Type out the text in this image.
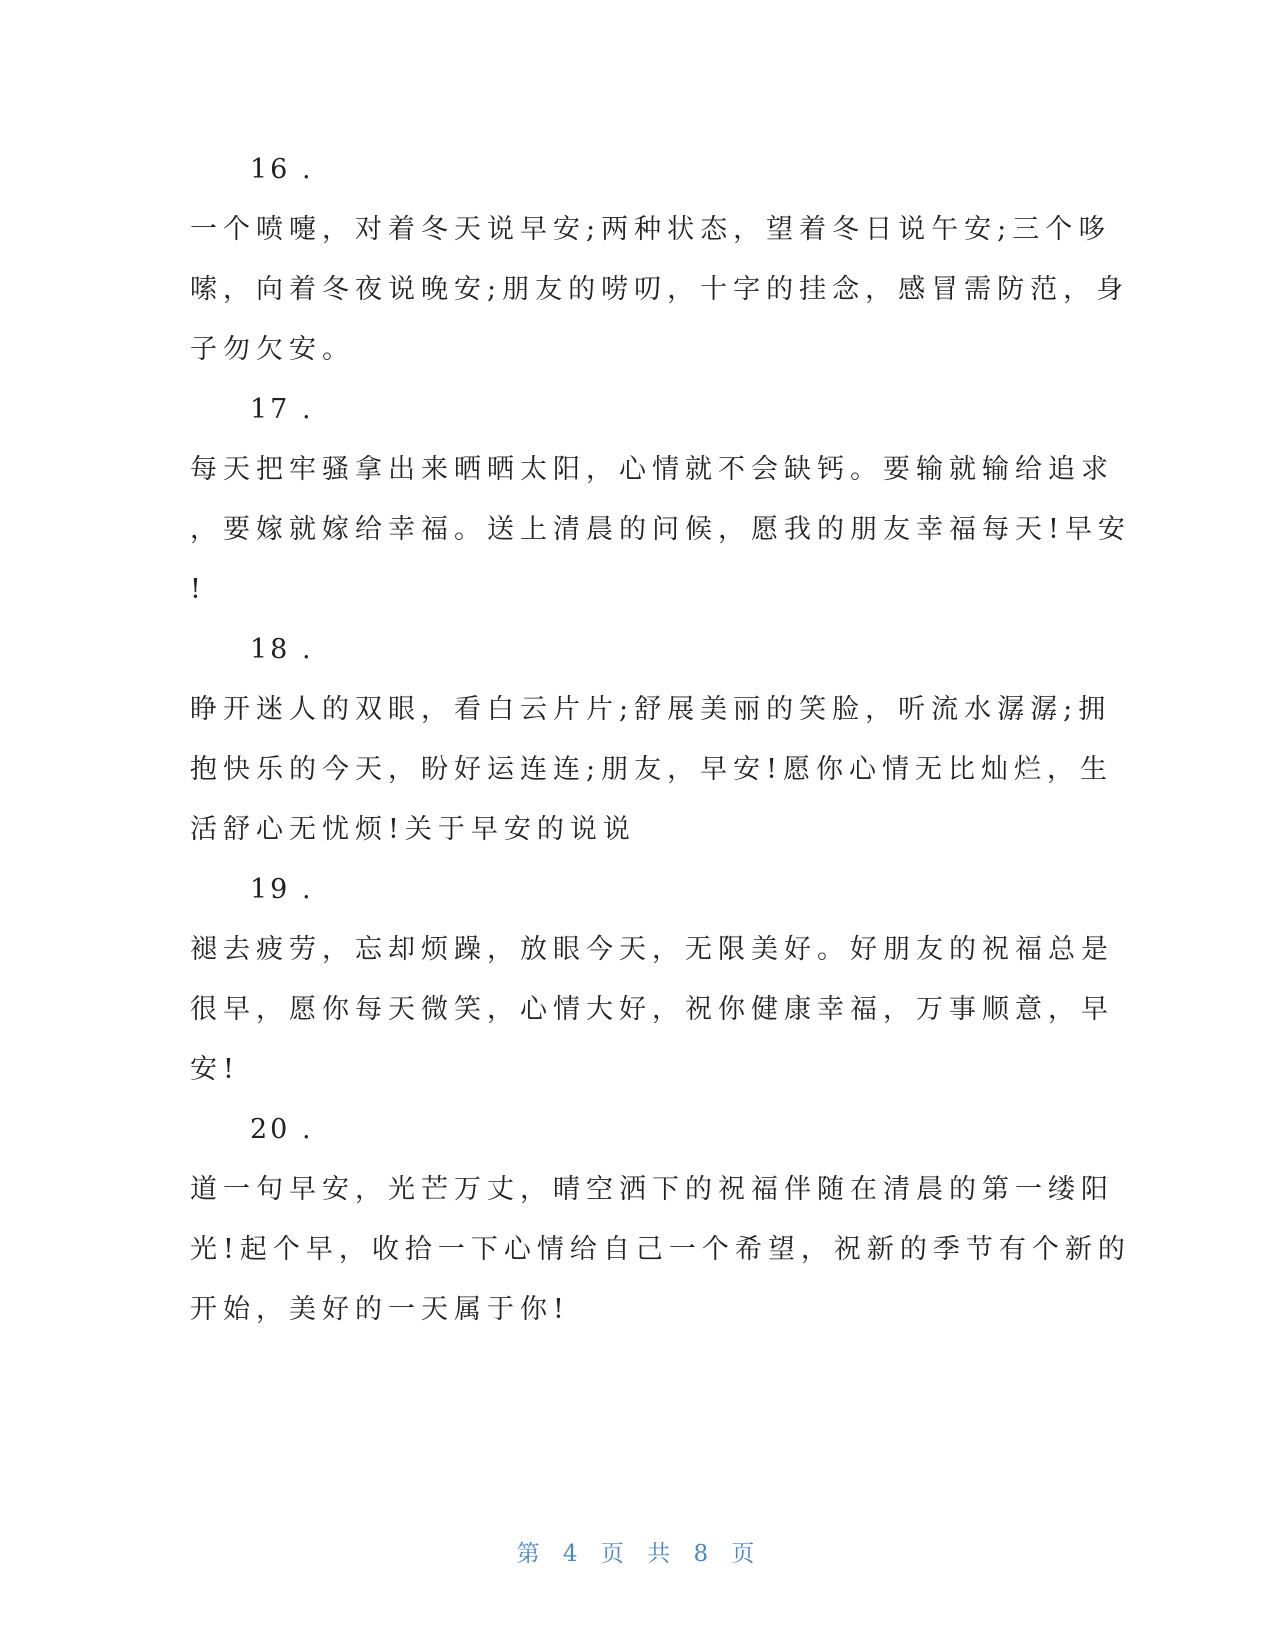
16 .

一个喷嚏，对着冬天说早安;两种状态，望着冬日说午安;三个哆

嗦，向着冬夜说晚安;朋友的唠叨，十字的挂念，感冒需防范，身

子勿欠安。

17 .

每天把牢骚拿出来晒晒太阳，心情就不会缺钙。要输就输给追求

，要嫁就嫁给幸福。送上清晨的问候，愿我的朋友幸福每天!早安

!

18 .

睁开迷人的双眼，看白云片片;舒展美丽的笑脸，听流水潺潺;拥

抱快乐的今天，盼好运连连;朋友，早安!愿你心情无比灿烂，生

活舒心无忧烦!关于早安的说说

19 .

褪去疲劳，忘却烦躁，放眼今天，无限美好。好朋友的祝福总是

很早，愿你每天微笑，心情大好，祝你健康幸福，万事顺意，早

安!

20 .

道一句早安，光芒万丈，晴空洒下的祝福伴随在清晨的第一缕阳

光!起个早，收拾一下心情给自己一个希望，祝新的季节有个新的

开始，美好的一天属于你!

第 4 页 共 8 页
